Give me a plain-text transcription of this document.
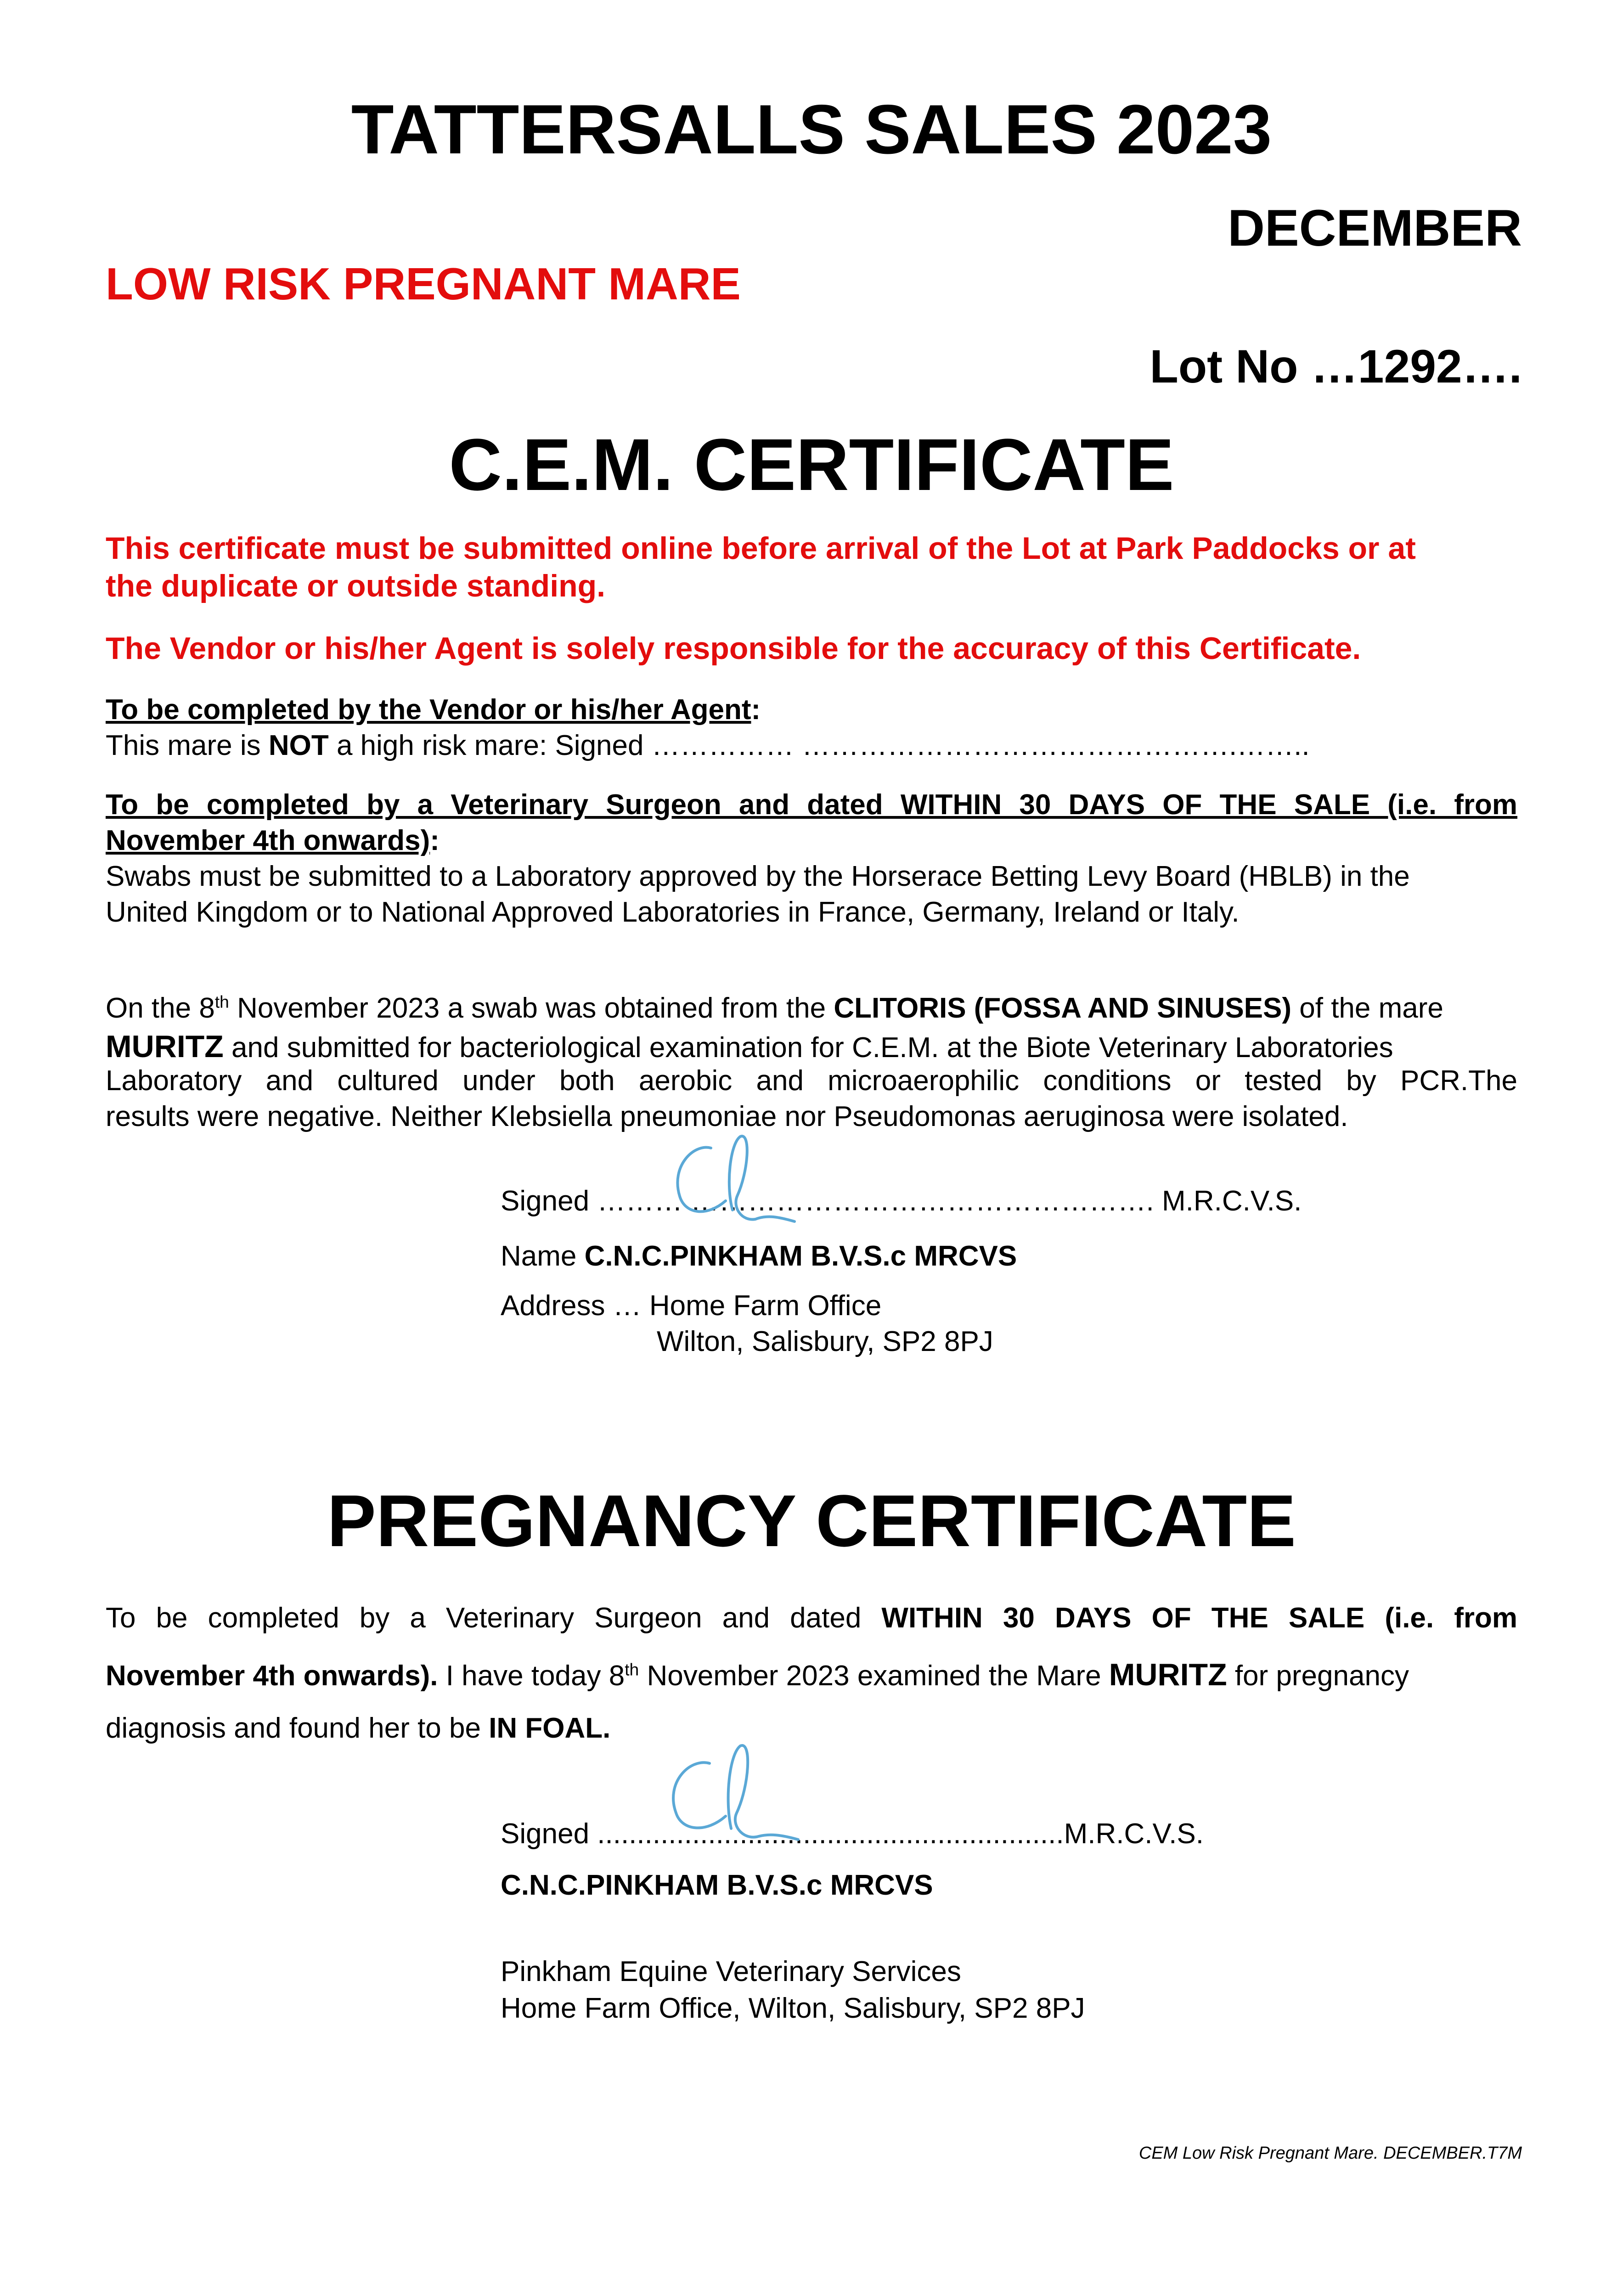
TATTERSALLS SALES 2023
DECEMBER
LOW RISK PREGNANT MARE
Lot No …1292….
C.E.M. CERTIFICATE
This certificate must be submitted online before arrival of the Lot at Park Paddocks or at
the duplicate or outside standing.
The Vendor or his/her Agent is solely responsible for the accuracy of this Certificate.
To be completed by the Vendor or his/her Agent:
This mare is NOT a high risk mare: Signed …………… ……………………………………….……..
To be completed by a Veterinary Surgeon and dated WITHIN 30 DAYS OF THE SALE (i.e. from
November 4th onwards):
Swabs must be submitted to a Laboratory approved by the Horserace Betting Levy Board (HBLB) in the
United Kingdom or to National Approved Laboratories in France, Germany, Ireland or Italy.
On the 8th November 2023 a swab was obtained from the CLITORIS (FOSSA AND SINUSES) of the mare
MURITZ and submitted for bacteriological examination for C.E.M. at the Biote Veterinary Laboratories
Laboratory and cultured under both aerobic and microaerophilic conditions or tested by PCR.The
results were negative. Neither Klebsiella pneumoniae nor Pseudomonas aeruginosa were isolated.
Signed ……… …………………………………………. M.R.C.V.S.
Name C.N.C.PINKHAM B.V.S.c MRCVS
Address … Home Farm Office
Wilton, Salisbury, SP2 8PJ
PREGNANCY CERTIFICATE
To be completed by a Veterinary Surgeon and dated WITHIN 30 DAYS OF THE SALE (i.e. from
November 4th onwards). I have today 8th November 2023 examined the Mare MURITZ for pregnancy
diagnosis and found her to be IN FOAL.
Signed ...........................................................M.R.C.V.S.
C.N.C.PINKHAM B.V.S.c MRCVS
Pinkham Equine Veterinary Services
Home Farm Office, Wilton, Salisbury, SP2 8PJ
CEM Low Risk Pregnant Mare. DECEMBER.T7M
